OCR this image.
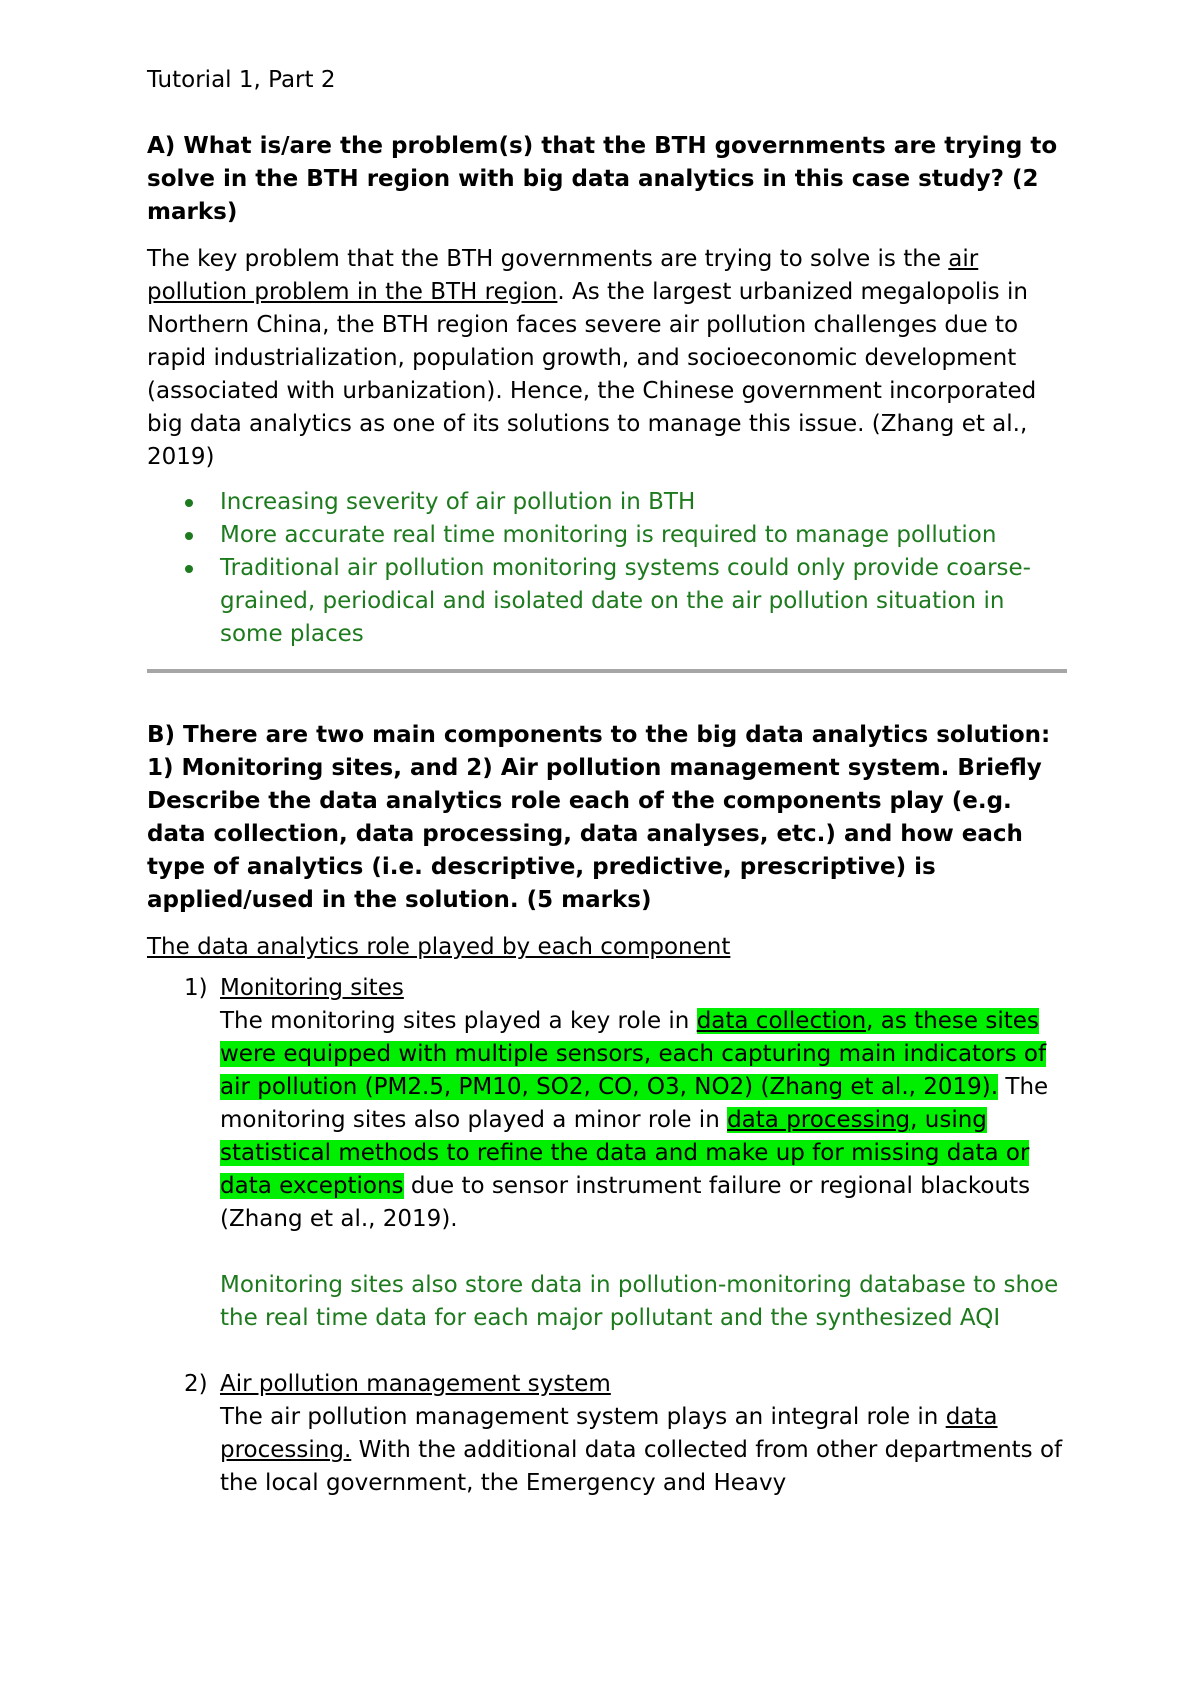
Tutorial 1, Part 2
A) What is/are the problem(s) that the BTH governments are trying to solve in the BTH region with big data analytics in this case study? (2 marks)

The key problem that the BTH governments are trying to solve is the air pollution problem in the BTH region. As the largest urbanized megalopolis in Northern China, the BTH region faces severe air pollution challenges due to rapid industrialization, population growth, and socioeconomic development (associated with urbanization). Hence, the Chinese government incorporated big data analytics as one of its solutions to manage this issue. (Zhang et al., 2019)

Increasing severity of air pollution in BTH
More accurate real time monitoring is required to manage pollution
Traditional air pollution monitoring systems could only provide coarse-grained, periodical and isolated date on the air pollution situation in some places
B) There are two main components to the big data analytics solution: 1) Monitoring sites, and 2) Air pollution management system. Briefly Describe the data analytics role each of the components play (e.g. data collection, data processing, data analyses, etc.) and how each type of analytics (i.e. descriptive, predictive, prescriptive) is applied/used in the solution. (5 marks)
The data analytics role played by each component
1) Monitoring sites
The monitoring sites played a key role in data collection, as these sites were equipped with multiple sensors, each capturing main indicators of air pollution (PM2.5, PM10, SO2, CO, O3, NO2) (Zhang et al., 2019). The monitoring sites also played a minor role in data processing, using statistical methods to refine the data and make up for missing data or data exceptions due to sensor instrument failure or regional blackouts (Zhang et al., 2019).
Monitoring sites also store data in pollution-monitoring database to shoe the real time data for each major pollutant and the synthesized AQI
2) Air pollution management system
The air pollution management system plays an integral role in data processing. With the additional data collected from other departments of the local government, the Emergency and Heavy
